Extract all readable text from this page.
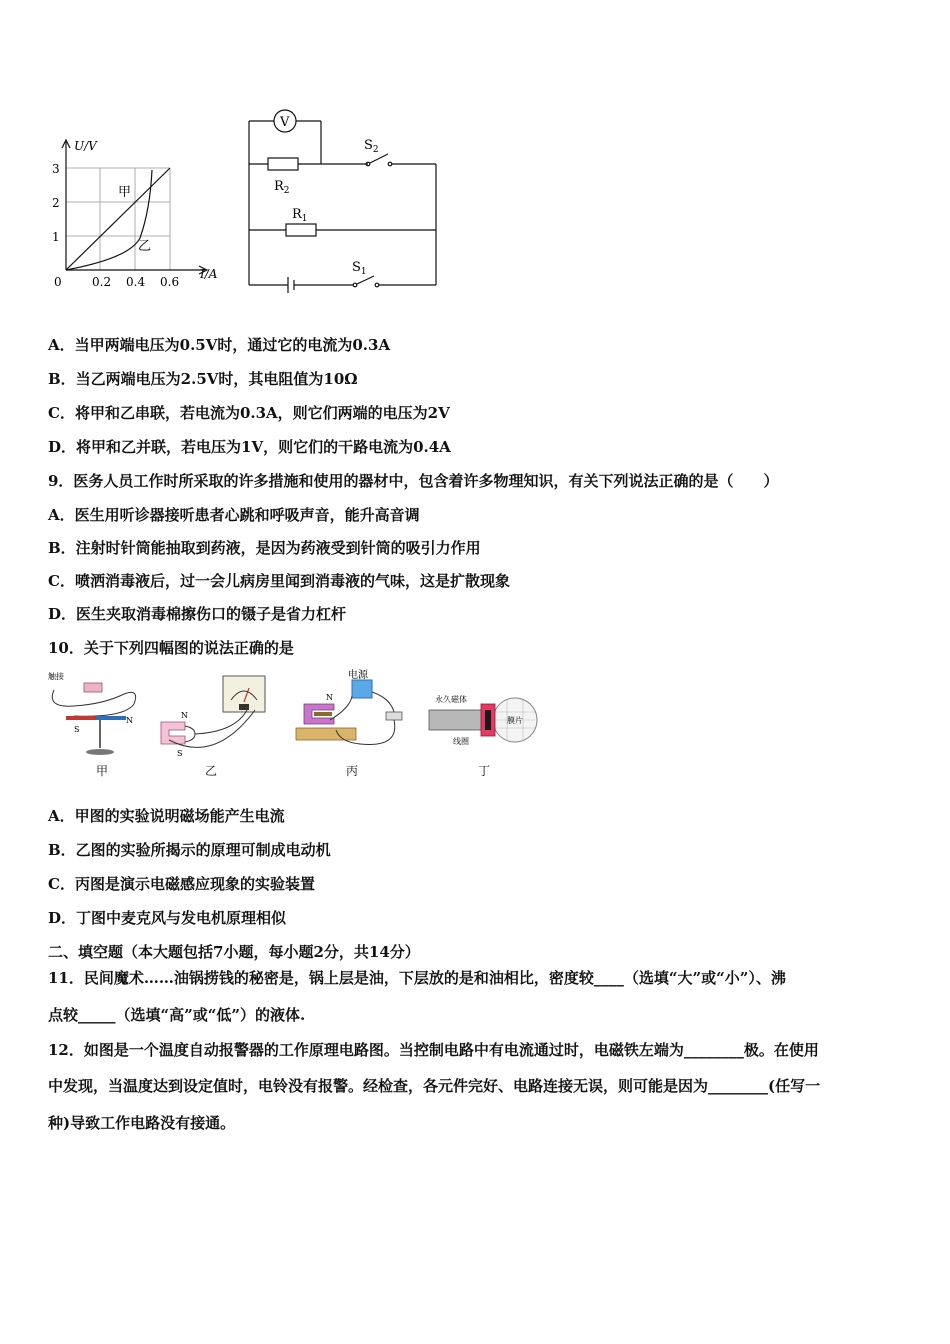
U/V
I/A
3
2
1
0	0.2 0.4 0.6
甲
乙
V
$S_2$
$R_2$
$R_1$
$S_1$
A．当甲两端电压为0.5V时，通过它的电流为0.3A
B．当乙两端电压为2.5V时，其电阻值为10Ω
C．将甲和乙串联，若电流为0.3A，则它们两端的电压为2V
D．将甲和乙并联，若电压为1V，则它们的干路电流为0.4A
9．医务人员工作时所采取的许多措施和使用的器材中，包含着许多物理知识，有关下列说法正确的是（　　）
A．医生用听诊器接听患者心跳和呼吸声音，能升高音调
B．注射时针筒能抽取到药液，是因为药液受到针筒的吸引力作用
C．喷洒消毒液后，过一会儿病房里闻到消毒液的气味，这是扩散现象
D．医生夹取消毒棉擦伤口的镊子是省力杠杆
10．关于下列四幅图的说法正确的是
触接
N
S
甲
N
S
乙
电源
N
丙
永久磁体
线圈
膜片
丁
A．甲图的实验说明磁场能产生电流
B．乙图的实验所揭示的原理可制成电动机
C．丙图是演示电磁感应现象的实验装置
D．丁图中麦克风与发电机原理相似
二、填空题（本大题包括7小题，每小题2分，共14分）
11．民间魔术……油锅捞钱的秘密是，锅上层是油，下层放的是和油相比，密度较____（选填“大”或“小”）、沸
点较_____（选填“高”或“低”）的液体.
12．如图是一个温度自动报警器的工作原理电路图。当控制电路中有电流通过时，电磁铁左端为________极。在使用
中发现，当温度达到设定值时，电铃没有报警。经检查，各元件完好、电路连接无误，则可能是因为________(任写一
种)导致工作电路没有接通。
